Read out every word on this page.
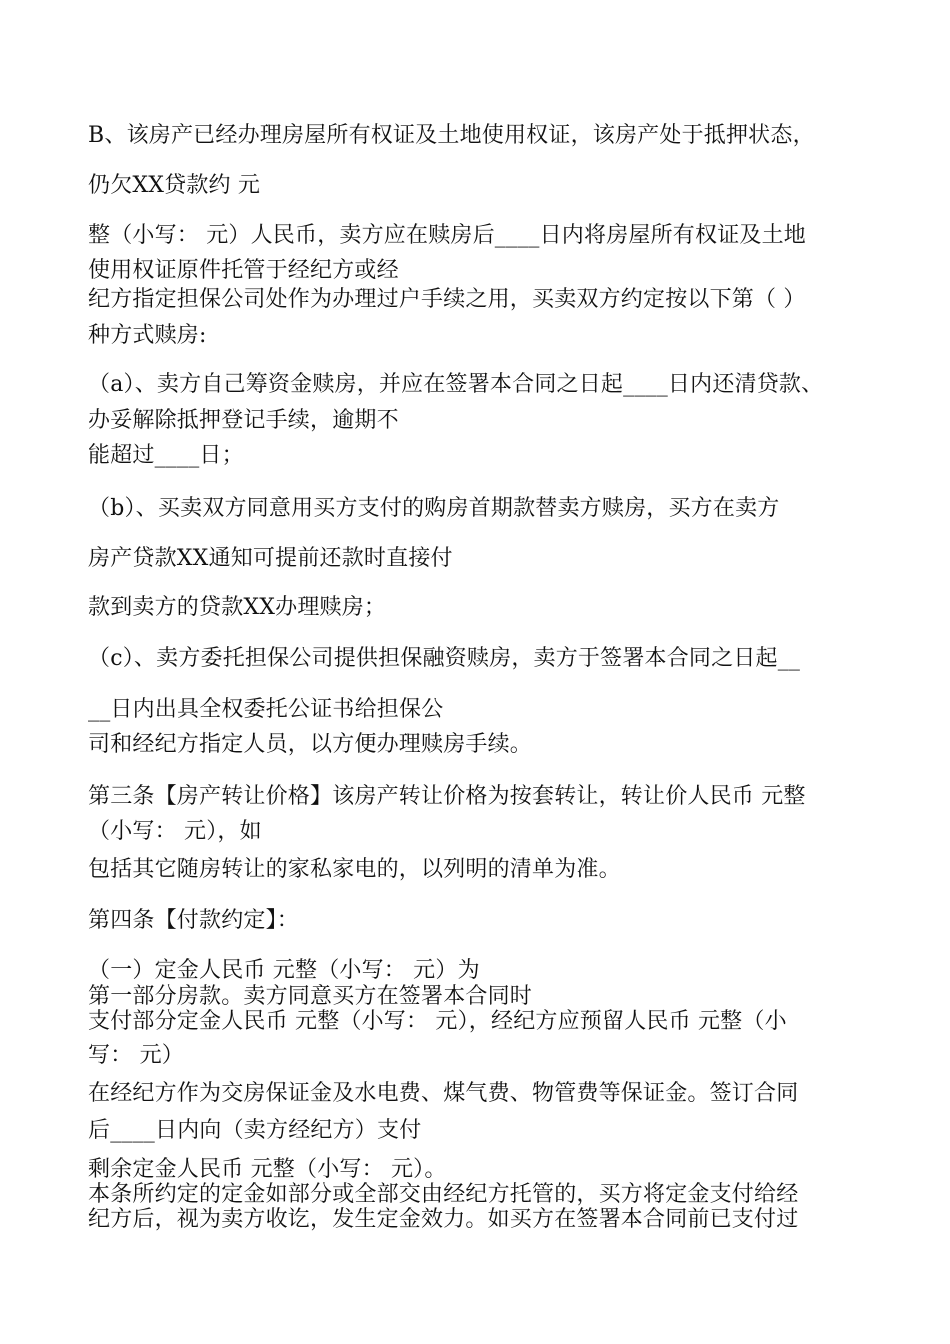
B、该房产已经办理房屋所有权证及土地使用权证，该房产处于抵押状态，

仍欠XX贷款约 元

整（小写： 元）人民币，卖方应在赎房后____日内将房屋所有权证及土地

使用权证原件托管于经纪方或经

纪方指定担保公司处作为办理过户手续之用，买卖双方约定按以下第（ ）

种方式赎房:

（a）、卖方自己筹资金赎房，并应在签署本合同之日起____日内还清贷款、

办妥解除抵押登记手续，逾期不

能超过____日；

（b）、买卖双方同意用买方支付的购房首期款替卖方赎房，买方在卖方

房产贷款XX通知可提前还款时直接付

款到卖方的贷款XX办理赎房；

（c）、卖方委托担保公司提供担保融资赎房，卖方于签署本合同之日起__

__日内出具全权委托公证书给担保公

司和经纪方指定人员，以方便办理赎房手续。

第三条【房产转让价格】该房产转让价格为按套转让，转让价人民币 元整

（小写： 元），如

包括其它随房转让的家私家电的，以列明的清单为准。

第四条【付款约定】：

（一）定金人民币 元整（小写： 元）为

第一部分房款。卖方同意买方在签署本合同时

支付部分定金人民币 元整（小写： 元），经纪方应预留人民币 元整（小

写： 元）

在经纪方作为交房保证金及水电费、煤气费、物管费等保证金。签订合同

后____日内向（卖方经纪方）支付

剩余定金人民币 元整（小写： 元）。

本条所约定的定金如部分或全部交由经纪方托管的，买方将定金支付给经

纪方后，视为卖方收讫，发生定金效力。如买方在签署本合同前已支付过
